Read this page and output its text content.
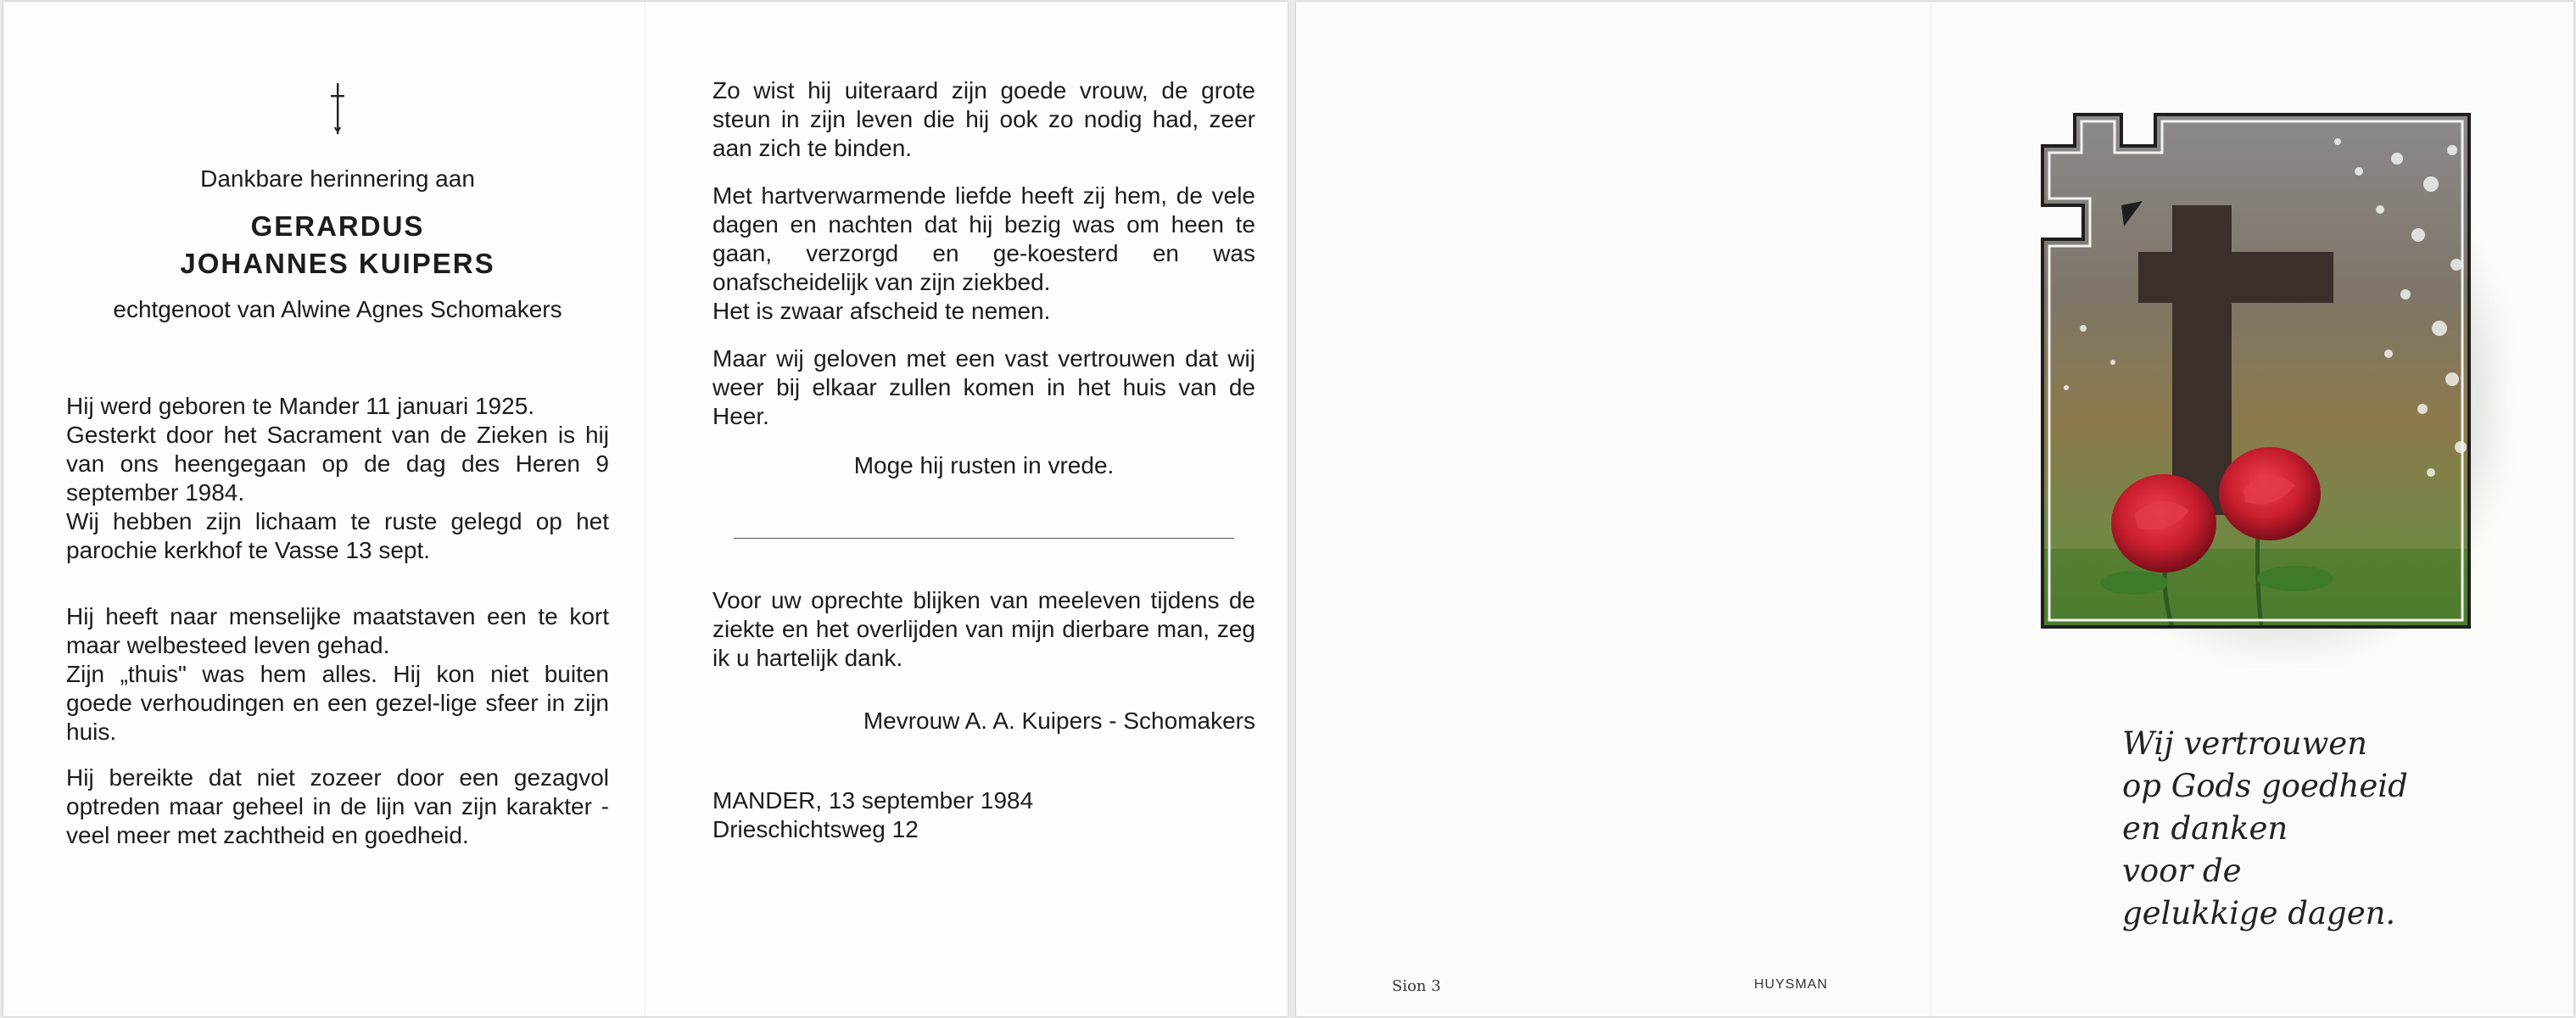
Dankbare herinnering aan

GERARDUS
JOHANNES KUIPERS

echtgenoot van Alwine Agnes Schomakers

Hij werd geboren te Mander 11 januari 1925.

Gesterkt door het Sacrament van de Zieken is hij van ons heengegaan op de dag des Heren 9 september 1984.

Wij hebben zijn lichaam te ruste gelegd op het parochie kerkhof te Vasse 13 sept.

Hij heeft naar menselijke maatstaven een te kort maar welbesteed leven gehad.

Zijn „thuis" was hem alles. Hij kon niet buiten goede verhoudingen en een gezel-lige sfeer in zijn huis.

Hij bereikte dat niet zozeer door een gezagvol optreden maar geheel in de lijn van zijn karakter - veel meer met zachtheid en goedheid.

Zo wist hij uiteraard zijn goede vrouw, de grote steun in zijn leven die hij ook zo nodig had, zeer aan zich te binden.

Met hartverwarmende liefde heeft zij hem, de vele dagen en nachten dat hij bezig was om heen te gaan, verzorgd en ge-koesterd en was onafscheidelijk van zijn ziekbed.

Het is zwaar afscheid te nemen.

Maar wij geloven met een vast vertrouwen dat wij weer bij elkaar zullen komen in het huis van de Heer.

Moge hij rusten in vrede.

Voor uw oprechte blijken van meeleven tijdens de ziekte en het overlijden van mijn dierbare man, zeg ik u hartelijk dank.

Mevrouw A. A. Kuipers - Schomakers

MANDER, 13 september 1984

Drieschichtsweg 12

Wij vertrouwen
op Gods goedheid
en danken
voor de
gelukkige dagen.
Sion 3	HUYSMAN
